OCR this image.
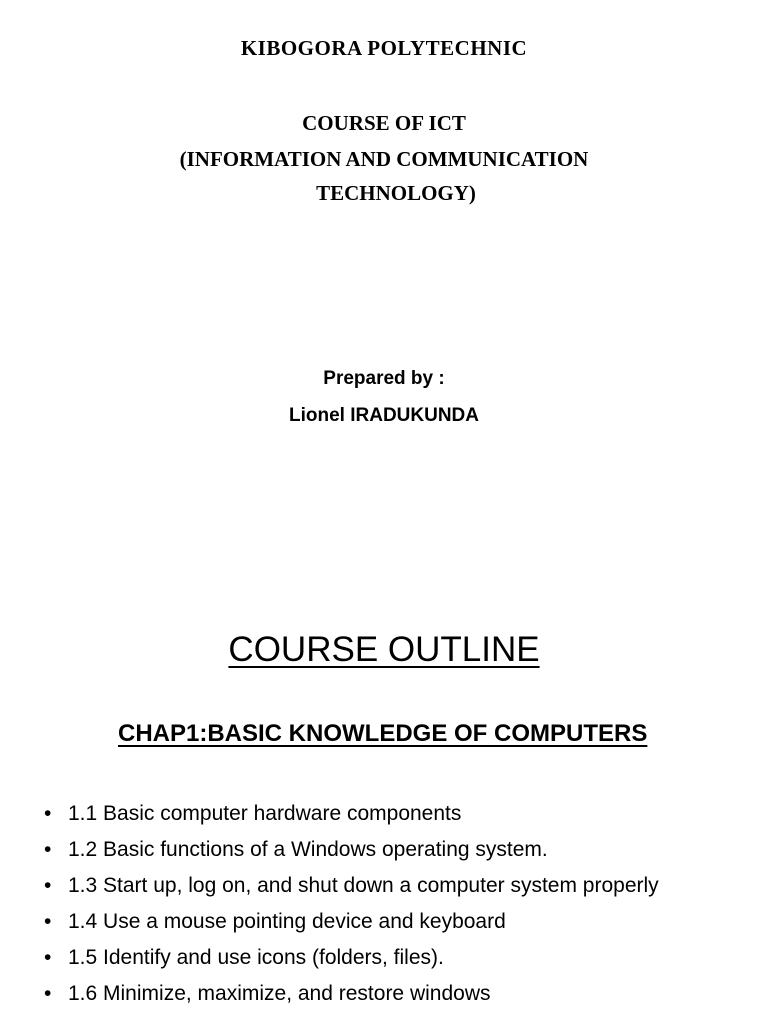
KIBOGORA POLYTECHNIC
COURSE OF ICT
(INFORMATION AND COMMUNICATION
TECHNOLOGY)
Prepared by :
Lionel IRADUKUNDA
COURSE OUTLINE
CHAP1:BASIC KNOWLEDGE OF COMPUTERS
• 1.1 Basic computer hardware components
• 1.2 Basic functions of a Windows operating system.
• 1.3 Start up, log on, and shut down a computer system properly
• 1.4 Use a mouse pointing device and keyboard
• 1.5 Identify and use icons (folders, files).
• 1.6 Minimize, maximize, and restore windows
